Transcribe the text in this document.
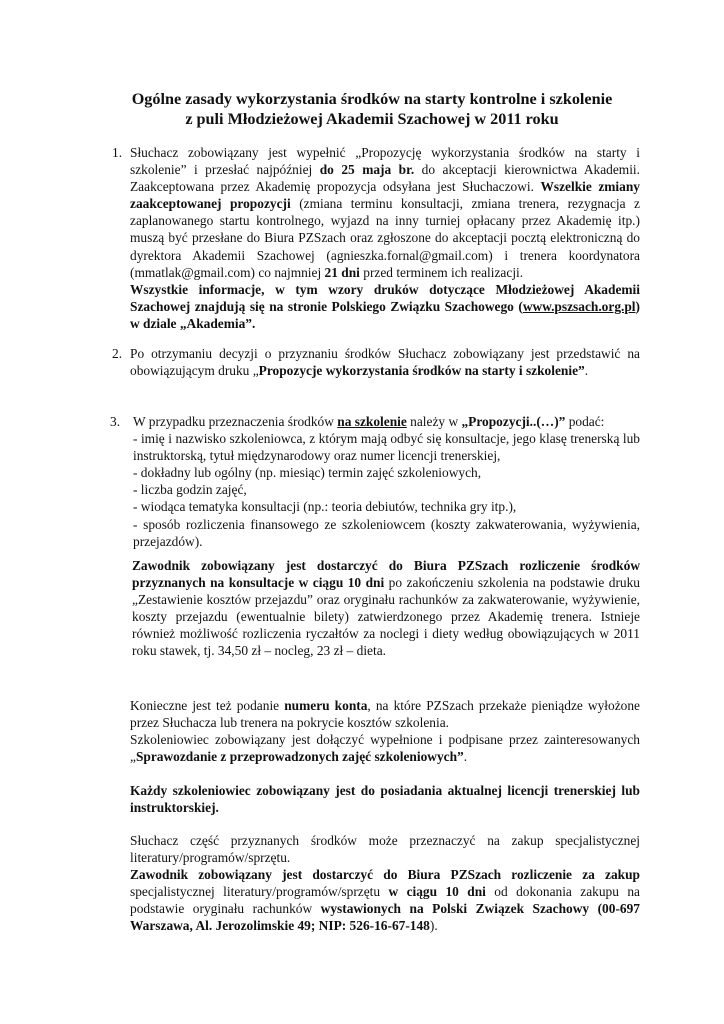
Ogólne zasady wykorzystania środków na starty kontrolne i szkolenie
z puli Młodzieżowej Akademii Szachowej w 2011 roku
1. Słuchacz zobowiązany jest wypełnić „Propozycję wykorzystania środków na starty i szkolenie” i przesłać najpóźniej do 25 maja br. do akceptacji kierownictwa Akademii. Zaakceptowana przez Akademię propozycja odsyłana jest Słuchaczowi. Wszelkie zmiany zaakceptowanej propozycji (zmiana terminu konsultacji, zmiana trenera, rezygnacja z zaplanowanego startu kontrolnego, wyjazd na inny turniej opłacany przez Akademię itp.) muszą być przesłane do Biura PZSzach oraz zgłoszone do akceptacji pocztą elektroniczną do dyrektora Akademii Szachowej (agnieszka.fornal@gmail.com) i trenera koordynatora (mmatlak@gmail.com) co najmniej 21 dni przed terminem ich realizacji.
Wszystkie informacje, w tym wzory druków dotyczące Młodzieżowej Akademii Szachowej znajdują się na stronie Polskiego Związku Szachowego (www.pszsach.org.pl) w dziale „Akademia”.
2. Po otrzymaniu decyzji o przyznaniu środków Słuchacz zobowiązany jest przedstawić na obowiązującym druku „Propozycje wykorzystania środków na starty i szkolenie”.
3. W przypadku przeznaczenia środków na szkolenie należy w „Propozycji..(…)” podać:
- imię i nazwisko szkoleniowca, z którym mają odbyć się konsultacje, jego klasę trenerską lub instruktorską, tytuł międzynarodowy oraz numer licencji trenerskiej,
- dokładny lub ogólny (np. miesiąc) termin zajęć szkoleniowych,
- liczba godzin zajęć,
- wiodąca tematyka konsultacji (np.: teoria debiutów, technika gry itp.),
- sposób rozliczenia finansowego ze szkoleniowcem (koszty zakwaterowania, wyżywienia, przejazdów).
Zawodnik zobowiązany jest dostarczyć do Biura PZSzach rozliczenie środków przyznanych na konsultacje w ciągu 10 dni po zakończeniu szkolenia na podstawie druku „Zestawienie kosztów przejazdu” oraz oryginału rachunków za zakwaterowanie, wyżywienie, koszty przejazdu (ewentualnie bilety) zatwierdzonego przez Akademię trenera. Istnieje również możliwość rozliczenia ryczałtów za noclegi i diety według obowiązujących w 2011 roku stawek, tj. 34,50 zł – nocleg, 23 zł – dieta.
Konieczne jest też podanie numeru konta, na które PZSzach przekaże pieniądze wyłożone przez Słuchacza lub trenera na pokrycie kosztów szkolenia.
Szkoleniowiec zobowiązany jest dołączyć wypełnione i podpisane przez zainteresowanych „Sprawozdanie z przeprowadzonych zajęć szkoleniowych”.
Każdy szkoleniowiec zobowiązany jest do posiadania aktualnej licencji trenerskiej lub instruktorskiej.
Słuchacz część przyznanych środków może przeznaczyć na zakup specjalistycznej literatury/programów/sprzętu.
Zawodnik zobowiązany jest dostarczyć do Biura PZSzach rozliczenie za zakup specjalistycznej literatury/programów/sprzętu w ciągu 10 dni od dokonania zakupu na podstawie oryginału rachunków wystawionych na Polski Związek Szachowy (00-697 Warszawa, Al. Jerozolimskie 49; NIP: 526-16-67-148).
